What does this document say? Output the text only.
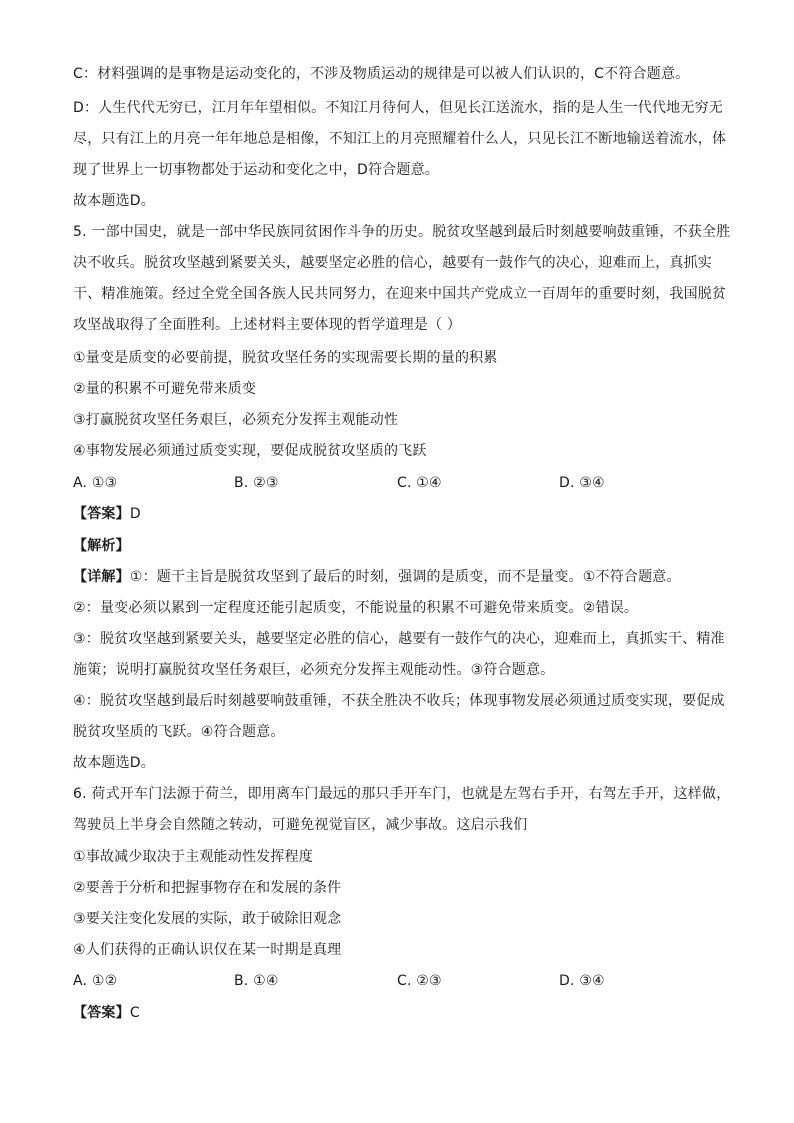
C：材料强调的是事物是运动变化的，不涉及物质运动的规律是可以被人们认识的，C不符合题意。
D：人生代代无穷已，江月年年望相似。不知江月待何人，但见长江送流水，指的是人生一代代地无穷无
尽，只有江上的月亮一年年地总是相像，不知江上的月亮照耀着什么人，只见长江不断地输送着流水，体
现了世界上一切事物都处于运动和变化之中，D符合题意。
故本题选D。
5. 一部中国史，就是一部中华民族同贫困作斗争的历史。脱贫攻坚越到最后时刻越要响鼓重锤，不获全胜
决不收兵。脱贫攻坚越到紧要关头，越要坚定必胜的信心，越要有一鼓作气的决心，迎难而上，真抓实
干、精准施策。经过全党全国各族人民共同努力，在迎来中国共产党成立一百周年的重要时刻，我国脱贫
攻坚战取得了全面胜利。上述材料主要体现的哲学道理是（ ）
①量变是质变的必要前提，脱贫攻坚任务的实现需要长期的量的积累
②量的积累不可避免带来质变
③打赢脱贫攻坚任务艰巨，必须充分发挥主观能动性
④事物发展必须通过质变实现，要促成脱贫攻坚质的飞跃
A. ①③	B. ②③	C. ①④	D. ③④
【答案】D
【解析】
【详解】①：题干主旨是脱贫攻坚到了最后的时刻，强调的是质变，而不是量变。①不符合题意。
②：量变必须以累到一定程度还能引起质变，不能说量的积累不可避免带来质变。②错误。
③：脱贫攻坚越到紧要关头，越要坚定必胜的信心，越要有一鼓作气的决心，迎难而上，真抓实干、精准
施策；说明打赢脱贫攻坚任务艰巨，必须充分发挥主观能动性。③符合题意。
④：脱贫攻坚越到最后时刻越要响鼓重锤，不获全胜决不收兵；体现事物发展必须通过质变实现，要促成
脱贫攻坚质的飞跃。④符合题意。
故本题选D。
6. 荷式开车门法源于荷兰，即用离车门最远的那只手开车门，也就是左驾右手开，右驾左手开，这样做，
驾驶员上半身会自然随之转动，可避免视觉盲区，减少事故。这启示我们
①事故减少取决于主观能动性发挥程度
②要善于分析和把握事物存在和发展的条件
③要关注变化发展的实际，敢于破除旧观念
④人们获得的正确认识仅在某一时期是真理
A. ①②	B. ①④	C. ②③	D. ③④
【答案】C
